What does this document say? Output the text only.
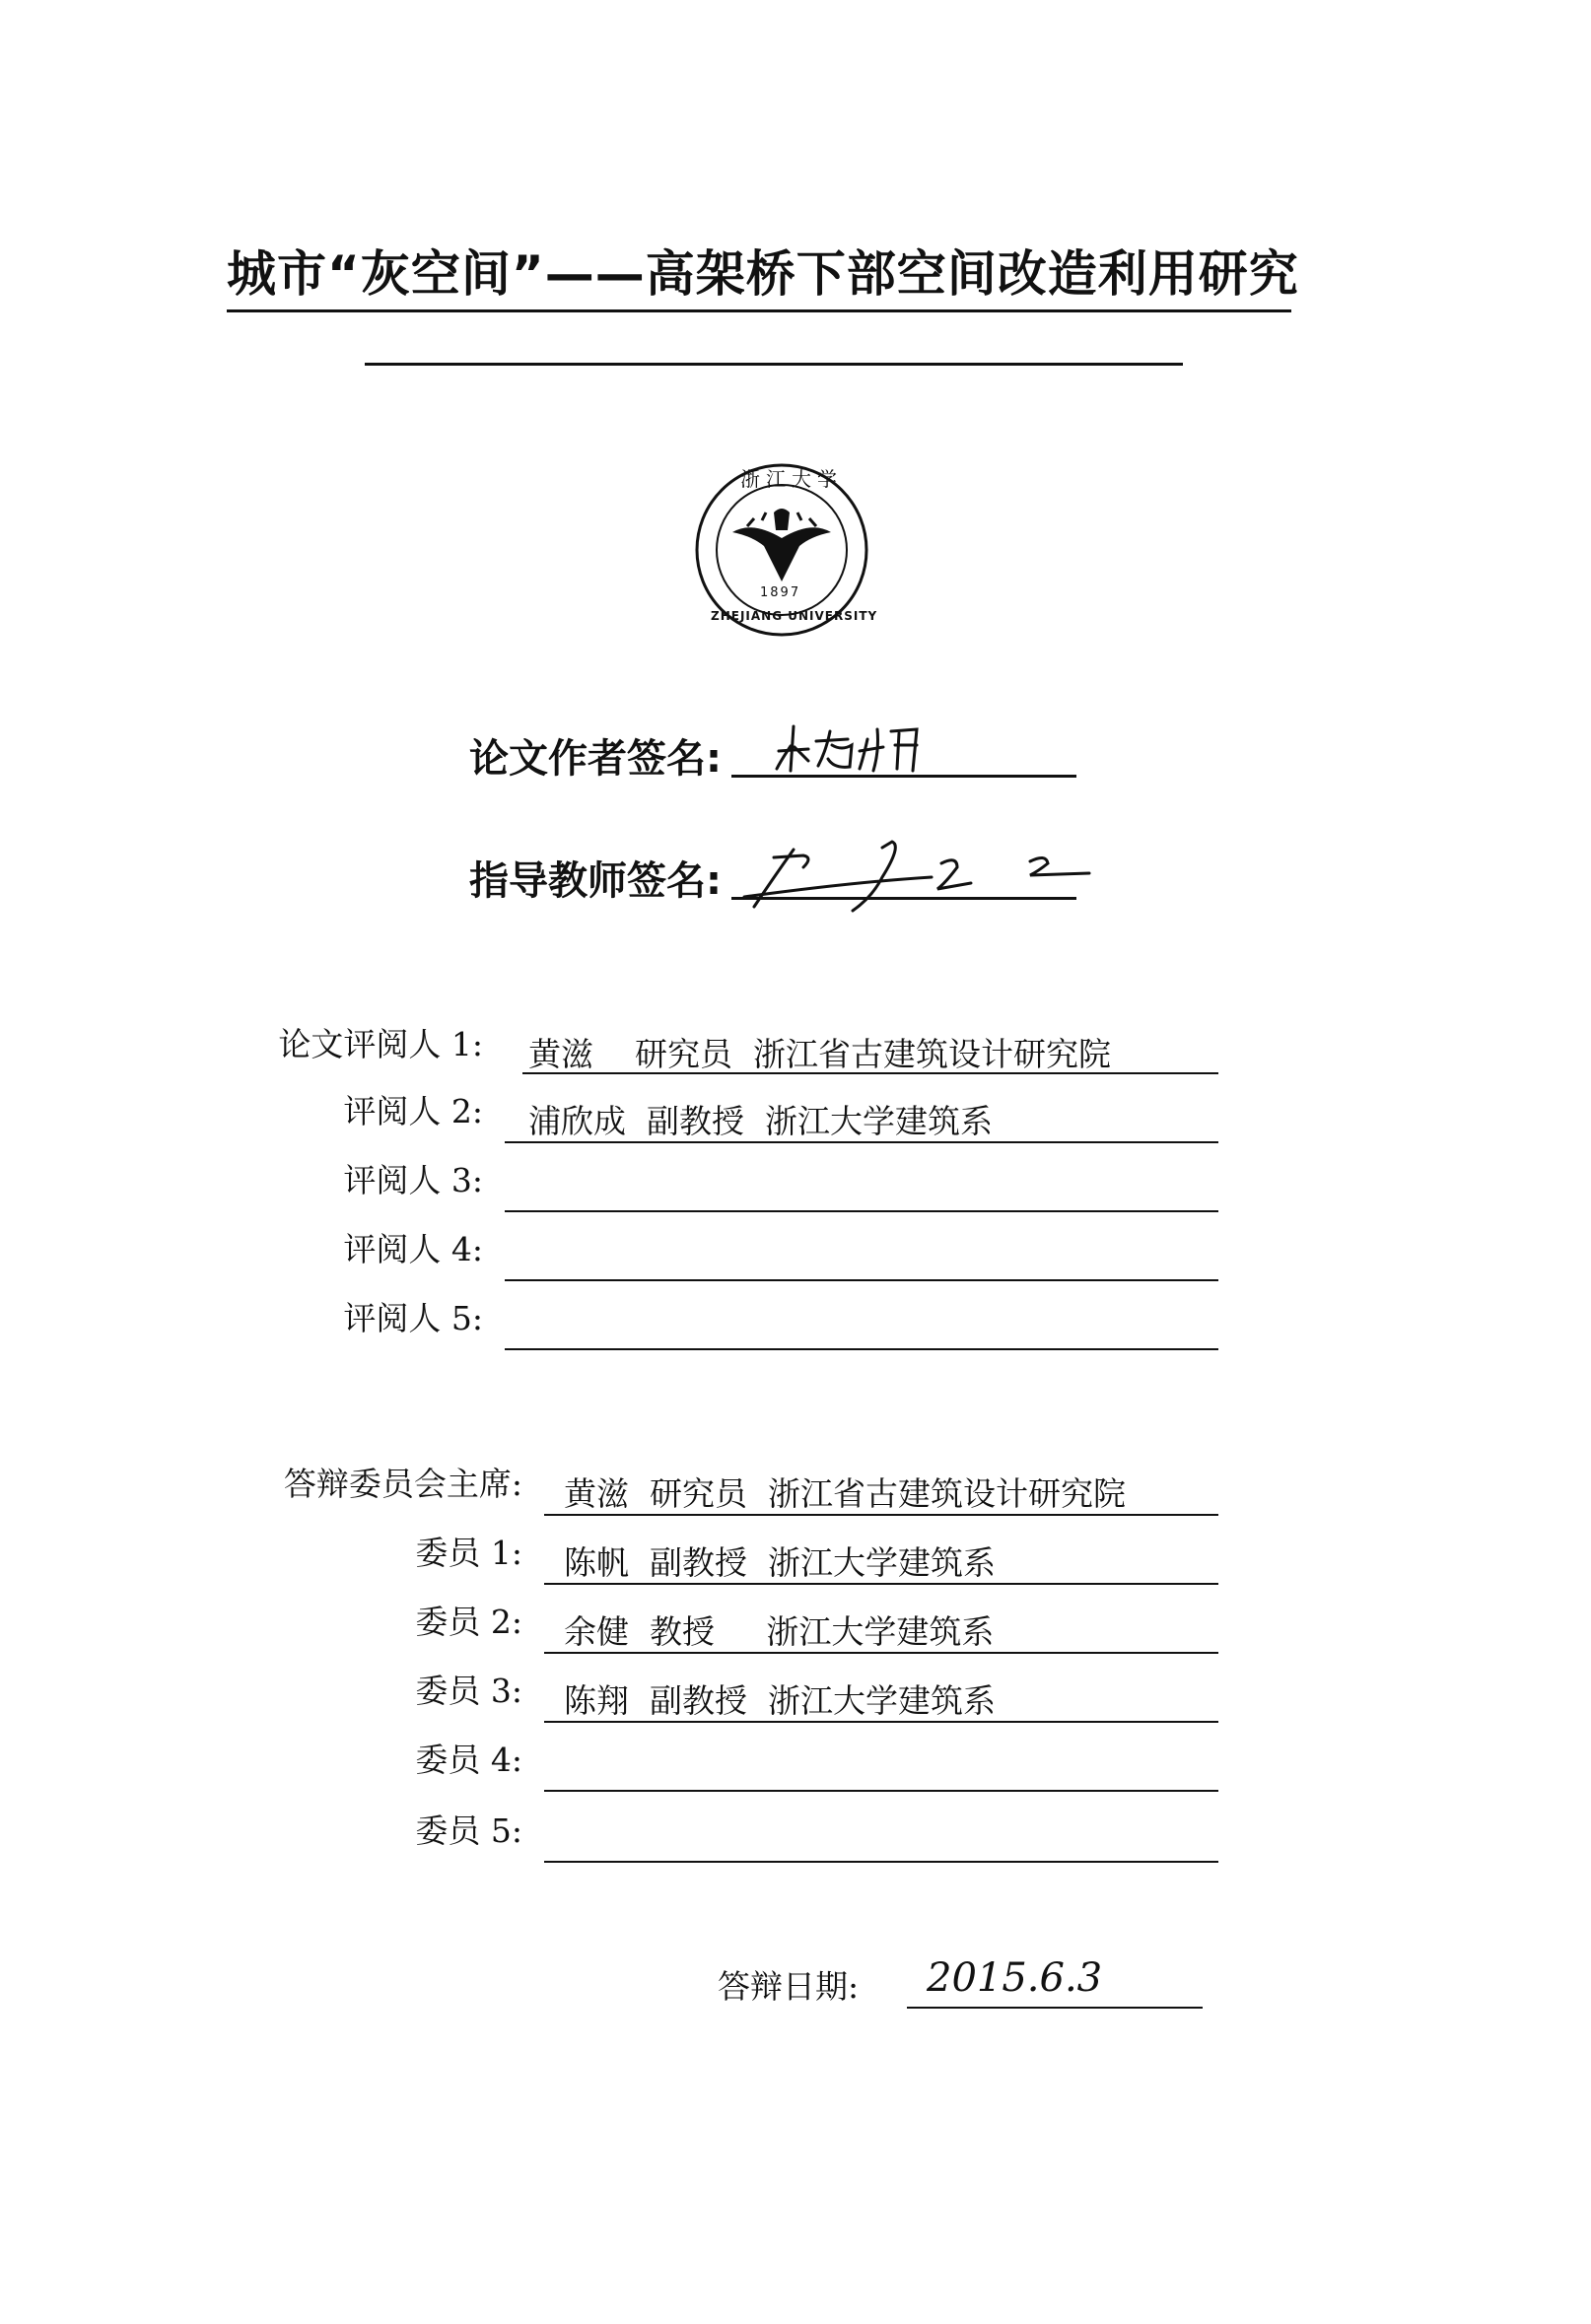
城市“灰空间”——高架桥下部空间改造利用研究
浙江大学
1897
ZHEJIANG UNIVERSITY
论文作者签名:
指导教师签名:
论文评阅人 1: 黄滋    研究员  浙江省古建筑设计研究院
评阅人 2: 浦欣成  副教授  浙江大学建筑系
评阅人 3:
评阅人 4:
评阅人 5:
答辩委员会主席: 黄滋  研究员  浙江省古建筑设计研究院
委员 1: 陈帆  副教授  浙江大学建筑系
委员 2: 余健  教授     浙江大学建筑系
委员 3: 陈翔  副教授  浙江大学建筑系
委员 4:
委员 5:
答辩日期: 2015.6.3
